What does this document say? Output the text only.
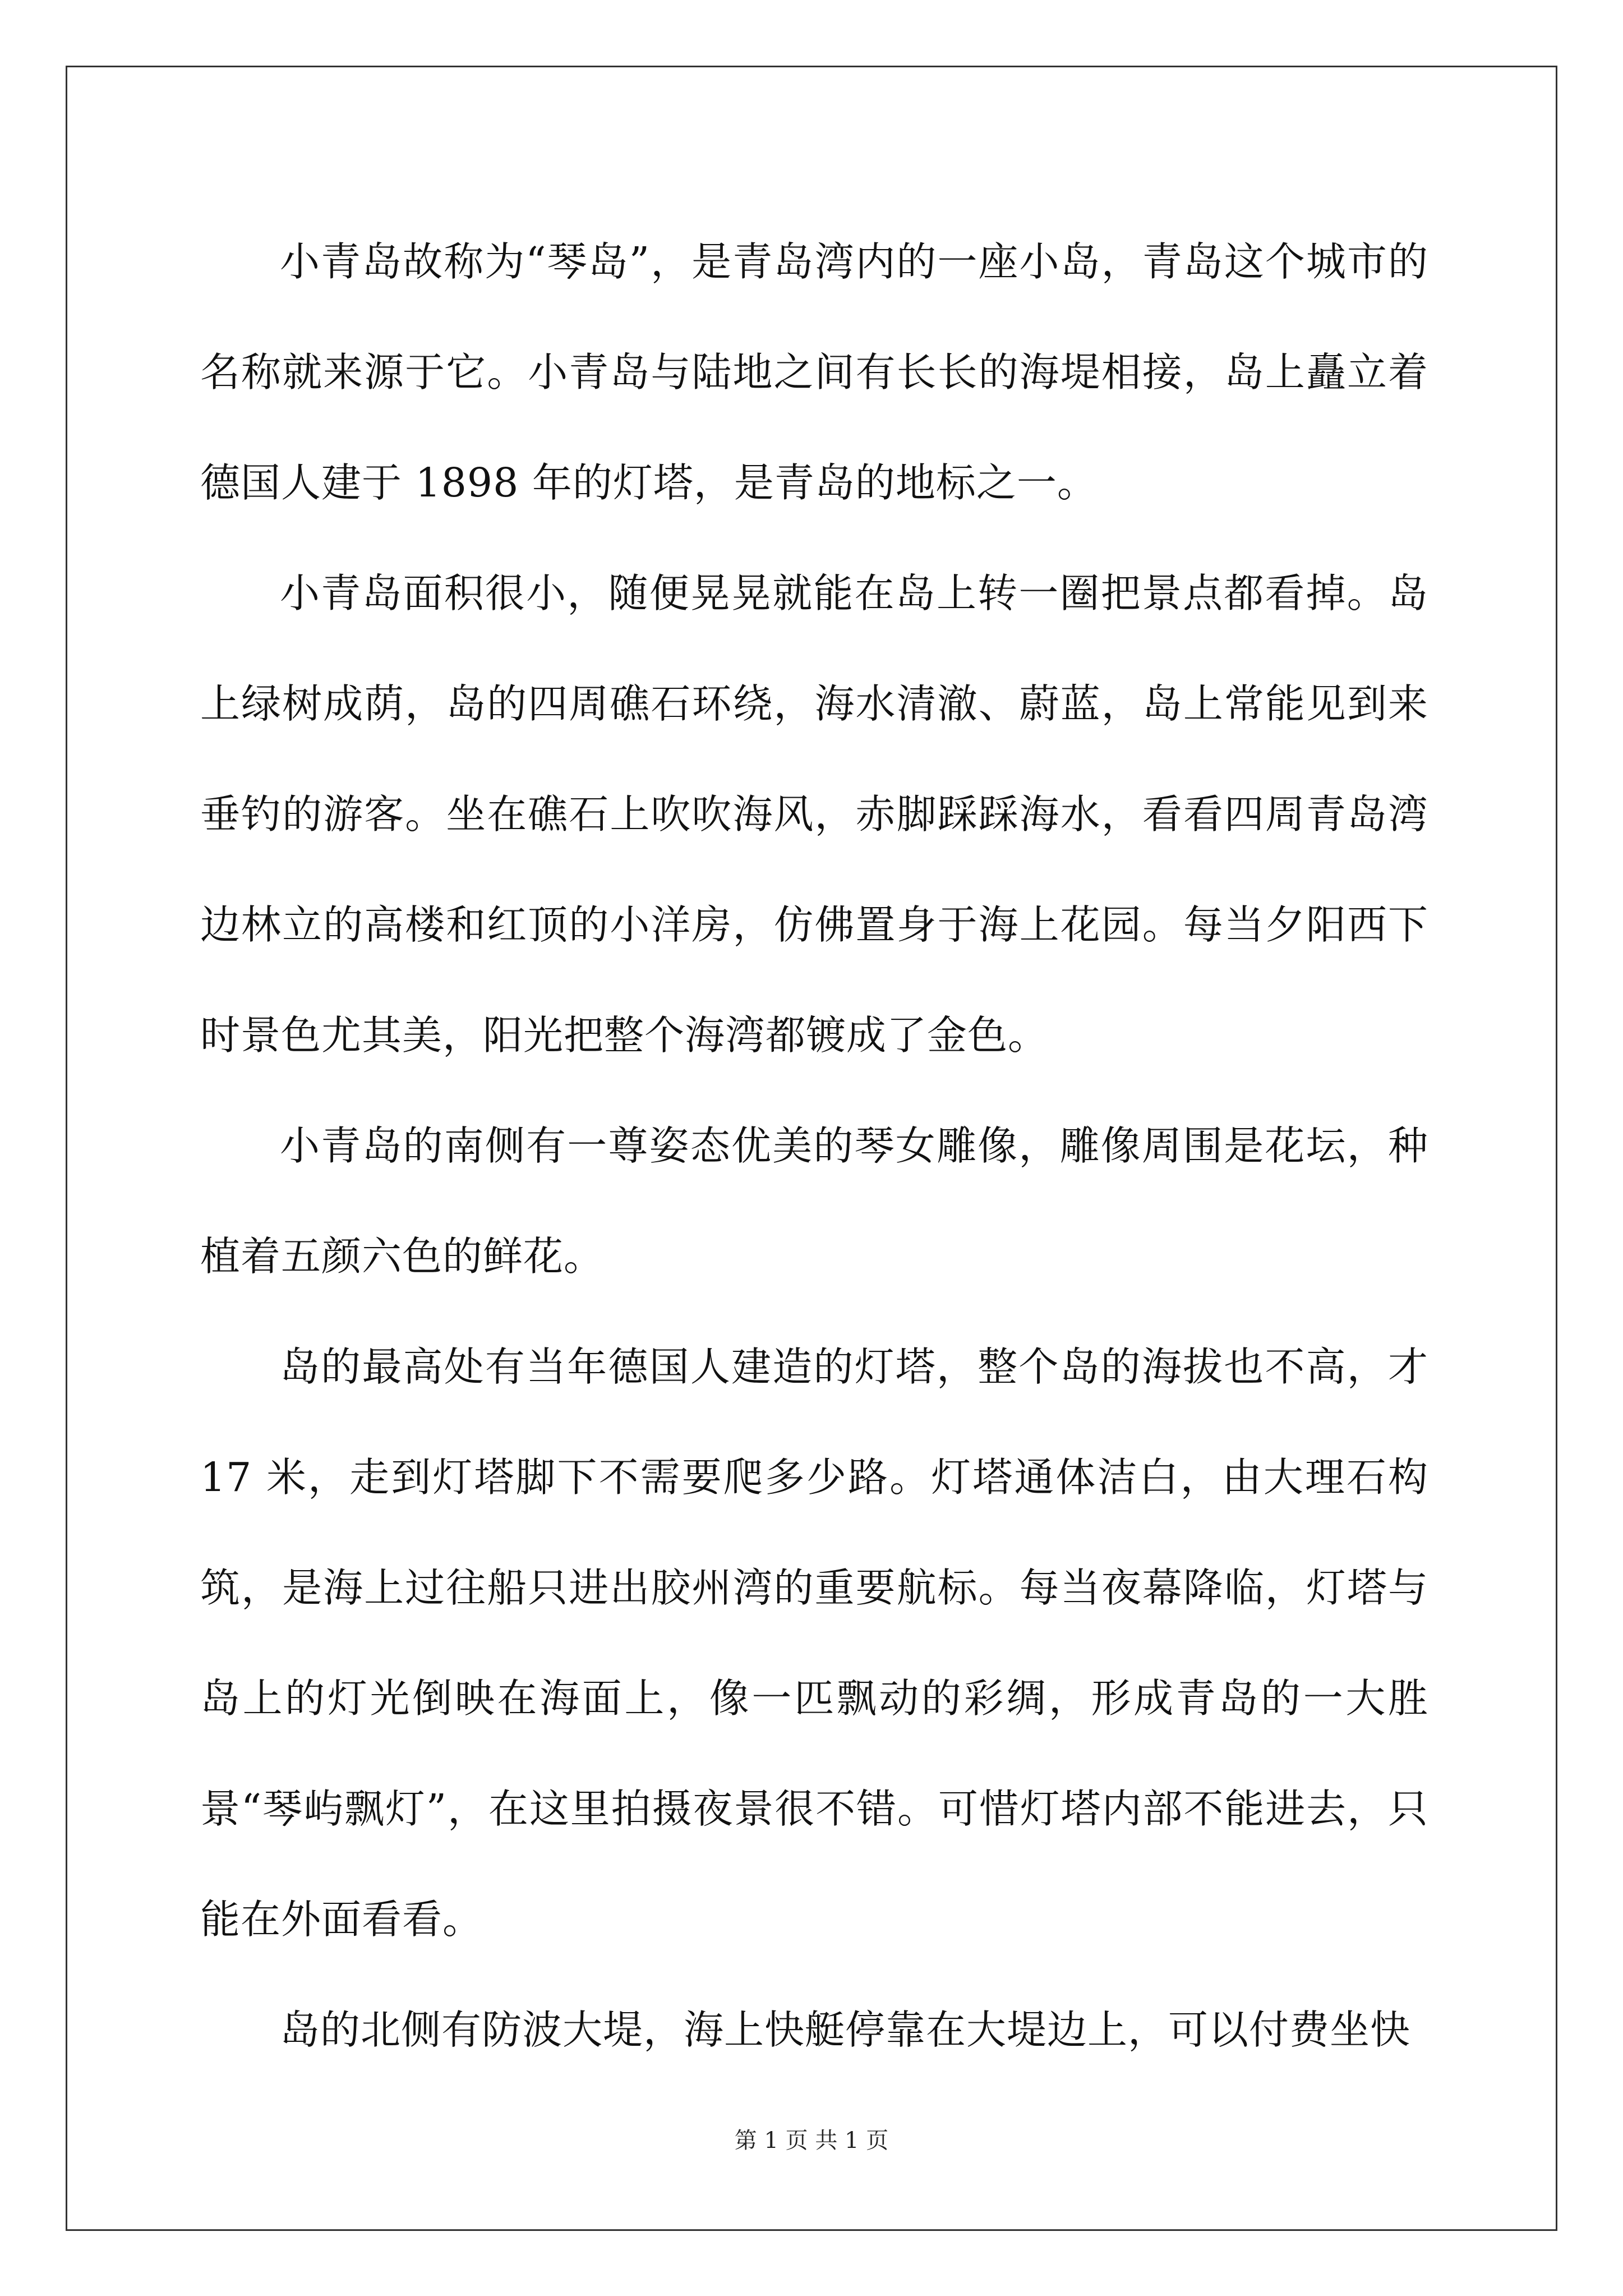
小青岛故称为“琴岛”，是青岛湾内的一座小岛，青岛这个城市的名称就来源于它。小青岛与陆地之间有长长的海堤相接，岛上矗立着德国人建于 1898 年的灯塔，是青岛的地标之一。

小青岛面积很小，随便晃晃就能在岛上转一圈把景点都看掉。岛上绿树成荫，岛的四周礁石环绕，海水清澈、蔚蓝，岛上常能见到来垂钓的游客。坐在礁石上吹吹海风，赤脚踩踩海水，看看四周青岛湾边林立的高楼和红顶的小洋房，仿佛置身于海上花园。每当夕阳西下时景色尤其美，阳光把整个海湾都镀成了金色。

小青岛的南侧有一尊姿态优美的琴女雕像，雕像周围是花坛，种植着五颜六色的鲜花。

岛的最高处有当年德国人建造的灯塔，整个岛的海拔也不高，才 17 米，走到灯塔脚下不需要爬多少路。灯塔通体洁白，由大理石构筑，是海上过往船只进出胶州湾的重要航标。每当夜幕降临，灯塔与岛上的灯光倒映在海面上，像一匹飘动的彩绸，形成青岛的一大胜景“琴屿飘灯”，在这里拍摄夜景很不错。可惜灯塔内部不能进去，只能在外面看看。

岛的北侧有防波大堤，海上快艇停靠在大堤边上，可以付费坐快

第 1 页 共 1 页
